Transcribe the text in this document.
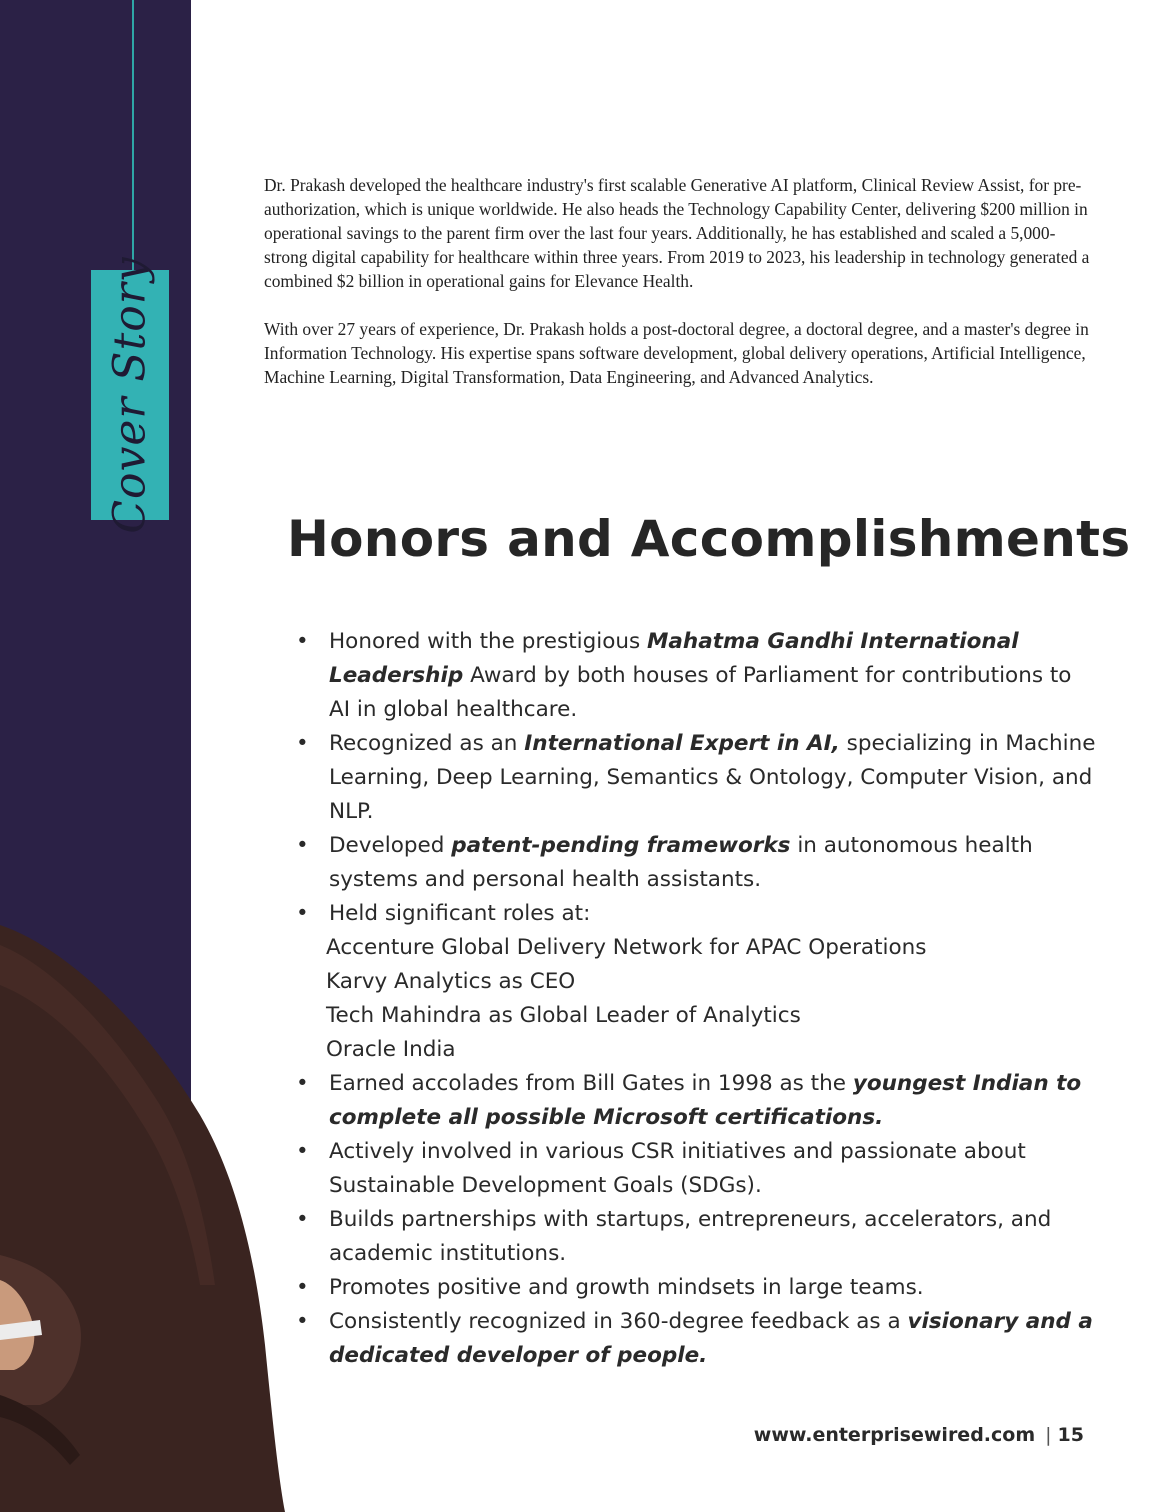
Cover Story

Dr. Prakash developed the healthcare industry's first scalable Generative AI platform, Clinical Review Assist, for pre-authorization, which is unique worldwide. He also heads the Technology Capability Center, delivering $200 million in operational savings to the parent firm over the last four years. Additionally, he has established and scaled a 5,000-strong digital capability for healthcare within three years. From 2019 to 2023, his leadership in technology generated a combined $2 billion in operational gains for Elevance Health.

With over 27 years of experience, Dr. Prakash holds a post-doctoral degree, a doctoral degree, and a master's degree in Information Technology. His expertise spans software development, global delivery operations, Artificial Intelligence, Machine Learning, Digital Transformation, Data Engineering, and Advanced Analytics.

Honors and Accomplishments
• Honored with the prestigious Mahatma Gandhi International Leadership Award by both houses of Parliament for contributions to AI in global healthcare.
• Recognized as an International Expert in AI, specializing in Machine Learning, Deep Learning, Semantics & Ontology, Computer Vision, and NLP.
• Developed patent-pending frameworks in autonomous health systems and personal health assistants.
• Held significant roles at:
Accenture Global Delivery Network for APAC Operations
Karvy Analytics as CEO
Tech Mahindra as Global Leader of Analytics
Oracle India
• Earned accolades from Bill Gates in 1998 as the youngest Indian to complete all possible Microsoft certifications.
• Actively involved in various CSR initiatives and passionate about Sustainable Development Goals (SDGs).
• Builds partnerships with startups, entrepreneurs, accelerators, and academic institutions.
• Promotes positive and growth mindsets in large teams.
• Consistently recognized in 360-degree feedback as a visionary and a dedicated developer of people.
www.enterprisewired.com | 15
